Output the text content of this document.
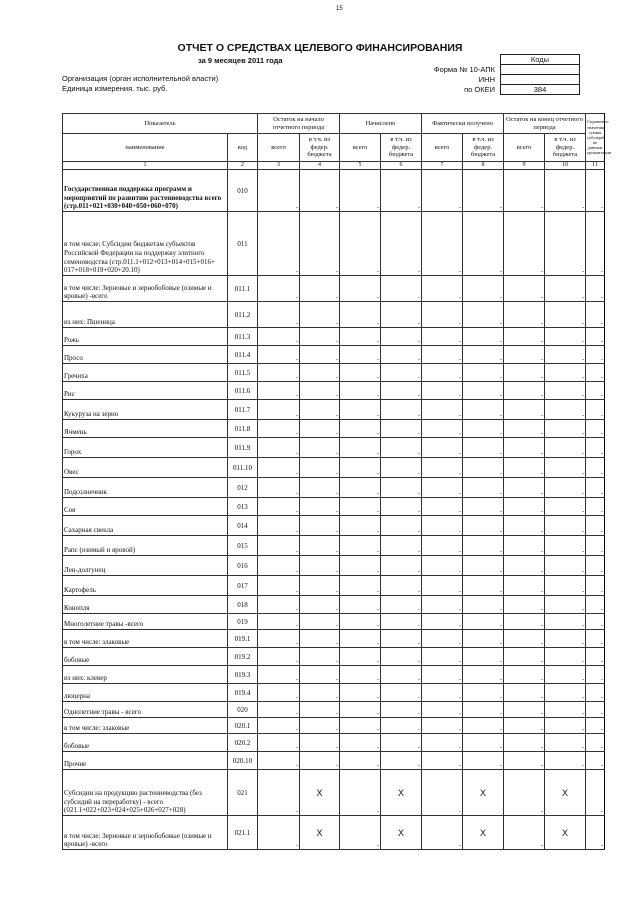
15
ОТЧЕТ О СРЕДСТВАХ ЦЕЛЕВОГО ФИНАНСИРОВАНИЯ
за 9 месяцев 2011 года
Организация (орган исполнительной власти)
Единица измерения. тыс. руб.
Форма № 10-АПК
ИНН
по ОКЕИ
Коды

384
Показатель		Остаток на начало отчетного периода		Начислено		Фактически получено		Остаток на конец отчетного периода		Справочно: значения суммы субсидий по данным организации
наименование	код	всего	в т.ч. из федер. бюджета	всего	в т.ч. из федер. бюджета	всего	в т.ч. из федер. бюджета	всего	в т.ч. из федер. бюджета	
1	2	3	4	5	6	7	8	9	10	11
Государственная поддержка программ и мероприятий по развитию растениеводства всего (стр.011+021+030+040+050+060+070)	010	-	-	-	-	-	-	-	-	-
в том числе: Субсидии бюджетам субъектов Российской Федерации на поддержку элитного семеноводства (стр.011.1+012+013+014+015+016+ 017+018+019+020+20.10)	011	-	-	-	-	-	-	-	-	-
в том числе: Зерновые и зернобобовые (озимые и яровые) -всего	011.1	-	-	-	-	-	-	-	-	-
из них: Пшеница	011.2	-	-	-	-	-	-	-	-	-
Рожь	011.3	-	-	-	-	-	-	-	-	-
Просо	011.4	-	-	-	-	-	-	-	-	-
Гречиха	011.5	-	-	-	-	-	-	-	-	-
Рис	011.6	-	-	-	-	-	-	-	-	-
Кукуруза на зерно	011.7	-	-	-	-	-	-	-	-	-
Ячмень	011.8	-	-	-	-	-	-	-	-	-
Горох	011.9	-	-	-	-	-	-	-	-	-
Овес	011.10	-	-	-	-	-	-	-	-	-
Подсолнечник	012	-	-	-	-	-	-	-	-	-
Соя	013	-	-	-	-	-	-	-	-	-
Сахарная свекла	014	-	-	-	-	-	-	-	-	-
Рапс (озимый и яровой)	015	-	-	-	-	-	-	-	-	-
Лен-долгунец	016	-	-	-	-	-	-	-	-	-
Картофель	017	-	-	-	-	-	-	-	-	-
Конопля	018	-	-	-	-	-	-	-	-	-
Многолетние травы -всего	019	-	-	-	-	-	-	-	-	-
в том числе: злаковые	019.1	-	-	-	-	-	-	-	-	-
бобовые	019.2	-	-	-	-	-	-	-	-	-
из них: клевер	019.3	-	-	-	-	-	-	-	-	-
люцерна	019.4	-	-	-	-	-	-	-	-	-
Однолетние травы - всего	020	-	-	-	-	-	-	-	-	-
в том числе: злаковые	020.1	-	-	-	-	-	-	-	-	-
бобовые	020.2	-	-	-	-	-	-	-	-	-
Прочие	020.10	-	-	-	-	-	-	-	-	-
Субсидии на продукцию растениеводства (без субсидий на переработку) - всего (021.1+022+023+024+025+026+027+028)	021	-	X	-	X	-	X	-	X	-
в том числе: Зерновые и зернобобовые (озимые и яровые) -всего	021.1	-	X	-	X	-	X	-	X	-
